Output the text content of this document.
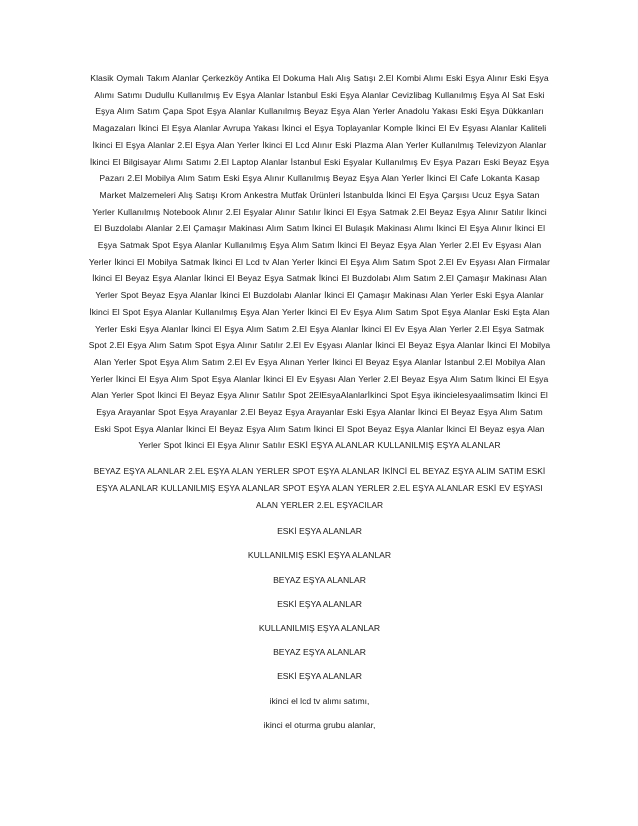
Klasik Oymalı Takım Alanlar Çerkezköy Antika El Dokuma Halı Alış Satışı 2.El Kombi Alımı Eski Eşya Alınır Eski Eşya Alımı Satımı Dudullu Kullanılmış Ev Eşya Alanlar İstanbul Eski Eşya Alanlar Cevizlibag Kullanılmış Eşya Al Sat Eski Eşya Alım Satım Çapa Spot Eşya Alanlar Kullanılmış Beyaz Eşya Alan Yerler Anadolu Yakası Eski Eşya Dükkanları Magazaları İkinci El Eşya Alanlar Avrupa Yakası İkinci el Eşya Toplayanlar Komple İkinci El Ev Eşyası Alanlar Kaliteli İkinci El Eşya Alanlar 2.El Eşya Alan Yerler İkinci El Lcd Alınır Eski Plazma Alan Yerler Kullanılmış Televizyon Alanlar İkinci El Bilgisayar Alımı Satımı 2.El Laptop Alanlar İstanbul Eski Eşyalar Kullanılmış Ev Eşya Pazarı Eski Beyaz Eşya Pazarı 2.El Mobilya Alım Satım Eski Eşya Alınır Kullanılmış Beyaz Eşya Alan Yerler İkinci El Cafe Lokanta Kasap Market Malzemeleri Alış Satışı Krom Ankestra Mutfak Ürünleri İstanbulda İkinci El Eşya Çarşısı Ucuz Eşya Satan Yerler Kullanılmış Notebook Alınır 2.El Eşyalar Alınır Satılır İkinci El Eşya Satmak 2.El Beyaz Eşya Alınır Satılır İkinci El Buzdolabı Alanlar 2.El Çamaşır Makinası Alım Satım İkinci El Bulaşık Makinası Alımı İkinci El Eşya Alınır İkinci El Eşya Satmak Spot Eşya Alanlar Kullanılmış Eşya Alım Satım İkinci El Beyaz Eşya Alan Yerler 2.El Ev Eşyası Alan Yerler İkinci El Mobilya Satmak İkinci El Lcd tv Alan Yerler İkinci El Eşya Alım Satım Spot 2.El Ev Eşyası Alan Firmalar İkinci El Beyaz Eşya Alanlar İkinci El Beyaz Eşya Satmak İkinci El Buzdolabı Alım Satım 2.El Çamaşır Makinası Alan Yerler Spot Beyaz Eşya Alanlar İkinci El Buzdolabı Alanlar İkinci El Çamaşır Makinası Alan Yerler Eski Eşya Alanlar İkinci El Spot Eşya Alanlar Kullanılmış Eşya Alan Yerler İkinci El Ev Eşya Alım Satım Spot Eşya Alanlar Eski Eşta Alan Yerler Eski Eşya Alanlar İkinci El Eşya Alım Satım 2.El Eşya Alanlar İkinci El Ev Eşya Alan Yerler 2.El Eşya Satmak Spot 2.El Eşya Alım Satım Spot Eşya Alınır Satılır 2.El Ev Eşyası Alanlar İkinci El Beyaz Eşya Alanlar İkinci El Mobilya Alan Yerler Spot Eşya Alım Satım 2.El Ev Eşya Alınan Yerler İkinci El Beyaz Eşya Alanlar İstanbul 2.El Mobilya Alan Yerler İkinci El Eşya Alım Spot Eşya Alanlar İkinci El Ev Eşyası Alan Yerler 2.El Beyaz Eşya Alım Satım İkinci El Eşya Alan Yerler Spot İkinci El Beyaz Eşya Alınır Satılır Spot 2ElEsyaAlanlarİkinci Spot Eşya ikincielesyaalimsatim İkinci El Eşya Arayanlar Spot Eşya Arayanlar 2.El Beyaz Eşya Arayanlar Eski Eşya Alanlar İkinci El Beyaz Eşya Alım Satım Eski Spot Eşya Alanlar İkinci El Beyaz Eşya Alım Satım İkinci El Spot Beyaz Eşya Alanlar İkinci El Beyaz eşya Alan Yerler Spot İkinci El Eşya Alınır Satılır ESKİ EŞYA ALANLAR KULLANILMIŞ EŞYA ALANLAR

BEYAZ EŞYA ALANLAR 2.EL EŞYA ALAN YERLER SPOT EŞYA ALANLAR İKİNCİ EL BEYAZ EŞYA ALIM SATIM ESKİ EŞYA ALANLAR KULLANILMIŞ EŞYA ALANLAR SPOT EŞYA ALAN YERLER 2.EL EŞYA ALANLAR ESKİ EV EŞYASI ALAN YERLER 2.EL EŞYACILAR

ESKİ EŞYA ALANLAR

KULLANILMIŞ ESKİ EŞYA ALANLAR

BEYAZ EŞYA ALANLAR

ESKİ EŞYA ALANLAR

KULLANILMIŞ EŞYA ALANLAR

BEYAZ EŞYA ALANLAR

ESKİ EŞYA ALANLAR

ikinci el lcd tv alımı satımı,

ikinci el oturma grubu alanlar,
